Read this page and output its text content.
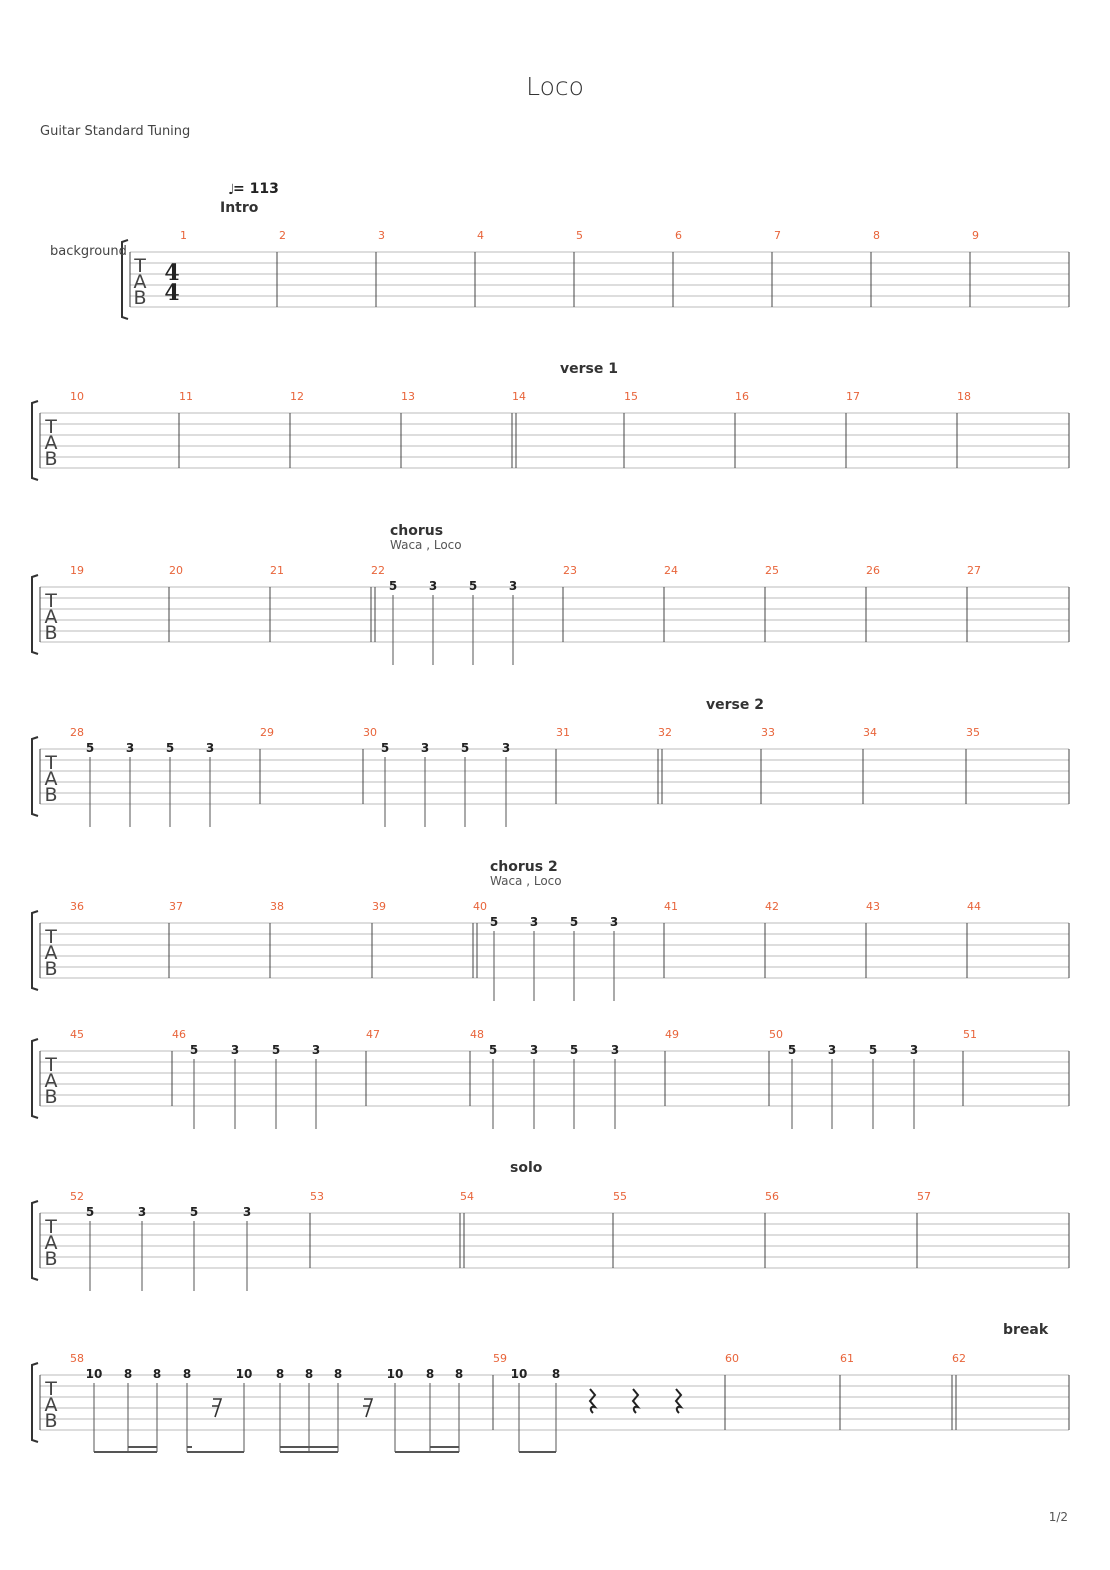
Loco
Guitar Standard Tuning
T
A
B
1	2	3	4	5	6	7	8	9
T
A
B
10	11	12	13	14	15	16	17	18
T
A
B
19	20	21	22	23	24	25	26	27
T
A
B
28	29	30	31	32	33	34	35
T
A
B
36	37	38	39	40	41	42	43	44
T
A
B
45	46	47	48	49	50	51
T
A
B
52	53	54	55	56	57
T
A
B
58	59	60	61	62
♩
= 113
Intro
background
4
4
verse 1
chorus
Waca , Loco
verse 2
chorus 2
Waca , Loco
solo
break
5	3	5	3
5	3	5	3	5	3	5	3
5	3	5	3
5	3	5	3	5	3	5	3	5	3	5	3
5	3	5	3
10 8 8 8	10 8 8 8	10 8 8	10 8
1/2
